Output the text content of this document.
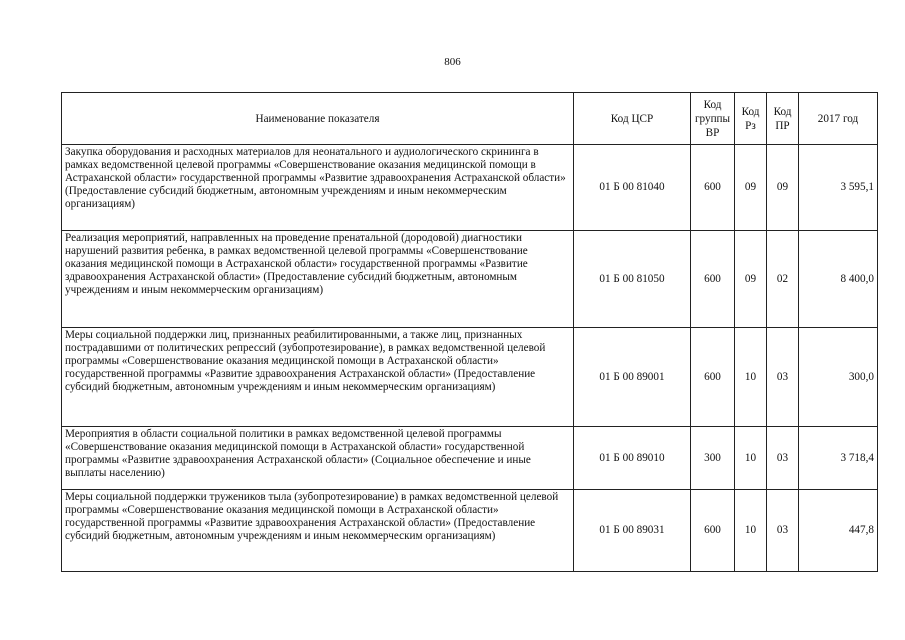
806
Наименование показателя	Код ЦСР	Код группы ВР	Код Рз	Код ПР	2017 год
Закупка оборудования и расходных материалов для неонатального и аудиологического скрининга в рамках ведомственной целевой программы «Совершенствование оказания медицинской помощи в Астраханской области» государственной программы «Развитие здравоохранения Астраханской области» (Предоставление субсидий бюджетным, автономным учреждениям и иным некоммерческим организациям)	01 Б 00 81040	600	09	09	3 595,1
Реализация мероприятий, направленных на проведение пренатальной (дородовой) диагностики нарушений развития ребенка, в рамках ведомственной целевой программы «Совершенствование оказания медицинской помощи в Астраханской области» государственной программы «Развитие здравоохранения Астраханской области» (Предоставление субсидий бюджетным, автономным учреждениям и иным некоммерческим организациям)	01 Б 00 81050	600	09	02	8 400,0
Меры социальной поддержки лиц, признанных реабилитированными, а также лиц, признанных пострадавшими от политических репрессий (зубопротезирование), в рамках ведомственной целевой программы «Совершенствование оказания медицинской помощи в Астраханской области» государственной программы «Развитие здравоохранения Астраханской области» (Предоставление субсидий бюджетным, автономным учреждениям и иным некоммерческим организациям)	01 Б 00 89001	600	10	03	300,0
Мероприятия в области социальной политики в рамках ведомственной целевой программы «Совершенствование оказания медицинской помощи в Астраханской области» государственной программы «Развитие здравоохранения Астраханской области» (Социальное обеспечение и иные выплаты населению)	01 Б 00 89010	300	10	03	3 718,4
Меры социальной поддержки тружеников тыла (зубопротезирование) в рамках ведомственной целевой программы «Совершенствование оказания медицинской помощи в Астраханской области» государственной программы «Развитие здравоохранения Астраханской области» (Предоставление субсидий бюджетным, автономным учреждениям и иным некоммерческим организациям)	01 Б 00 89031	600	10	03	447,8
